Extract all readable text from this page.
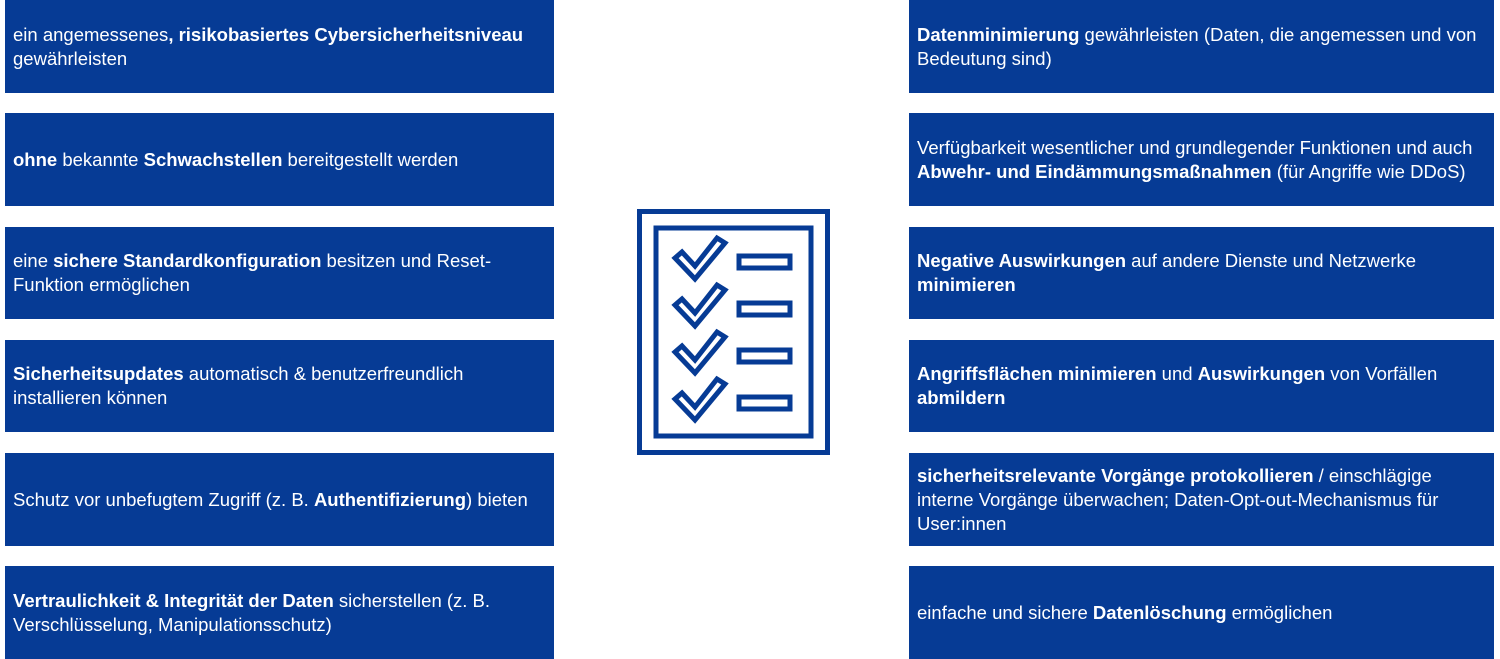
ein angemessenes, risikobasiertes Cybersicherheitsniveau gewährleisten
ohne bekannte Schwachstellen bereitgestellt werden
eine sichere Standardkonfiguration besitzen und Reset-Funktion ermöglichen
Sicherheitsupdates automatisch & benutzerfreundlich installieren können
Schutz vor unbefugtem Zugriff (z. B. Authentifizierung) bieten
Vertraulichkeit & Integrität der Daten sicherstellen (z. B. Verschlüsselung, Manipulationsschutz)
Datenminimierung gewährleisten (Daten, die angemessen und von Bedeutung sind)
Verfügbarkeit wesentlicher und grundlegender Funktionen und auch Abwehr- und Eindämmungsmaßnahmen (für Angriffe wie DDoS)
Negative Auswirkungen auf andere Dienste und Netzwerke minimieren
Angriffsflächen minimieren und Auswirkungen von Vorfällen abmildern
sicherheitsrelevante Vorgänge protokollieren / einschlägige interne Vorgänge überwachen; Daten-Opt-out-Mechanismus für User:innen
einfache und sichere Datenlöschung ermöglichen
